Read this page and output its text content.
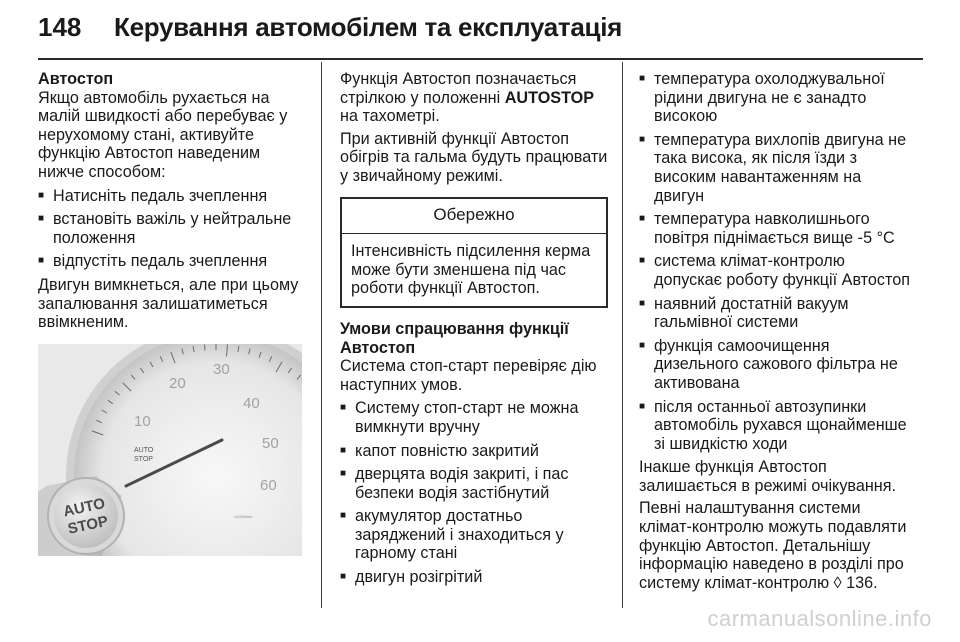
148	Керування автомобілем та експлуатація
Автостоп

Якщо автомобіль рухається на малій швидкості або перебуває у нерухомому стані, активуйте функцію Автостоп наведеним нижче способом:

■ Натисніть педаль зчеплення
■ встановіть важіль у нейтральне положення
■ відпустіть педаль зчеплення

Двигун вимкнеться, але при цьому запалювання залишатиметься ввімкненим.

10
20
30
40
50
60
AUTO
STOP
x1000/min
AUTO
STOP

Функція Автостоп позначається стрілкою у положенні AUTOSTOP на тахометрі.

При активній функції Автостоп обігрів та гальма будуть працювати у звичайному режимі.

Обережно
Інтенсивність підсилення керма може бути зменшена під час роботи функції Автостоп.
Умови спрацювання функції Автостоп

Система стоп-старт перевіряє дію наступних умов.

■ Систему стоп-старт не можна вимкнути вручну
■ капот повністю закритий
■ дверцята водія закриті, і пас безпеки водія застібнутий
■ акумулятор достатньо заряджений і знаходиться у гарному стані
■ двигун розігрітий
■ температура охолоджувальної рідини двигуна не є занадто високою
■ температура вихлопів двигуна не така висока, як після їзди з високим навантаженням на двигун
■ температура навколишнього повітря піднімається вище -5 °C
■ система клімат-контролю допускає роботу функції Автостоп
■ наявний достатній вакуум гальмівної системи
■ функція самоочищення дизельного сажового фільтра не активована
■ після останньої автозупинки автомобіль рухався щонайменше зі швидкістю ходи

Інакше функція Автостоп залишається в режимі очікування.

Певні налаштування системи клімат-контролю можуть подавляти функцію Автостоп. Детальнішу інформацію наведено в розділі про систему клімат-контролю ◊ 136.

carmanualsonline.info
